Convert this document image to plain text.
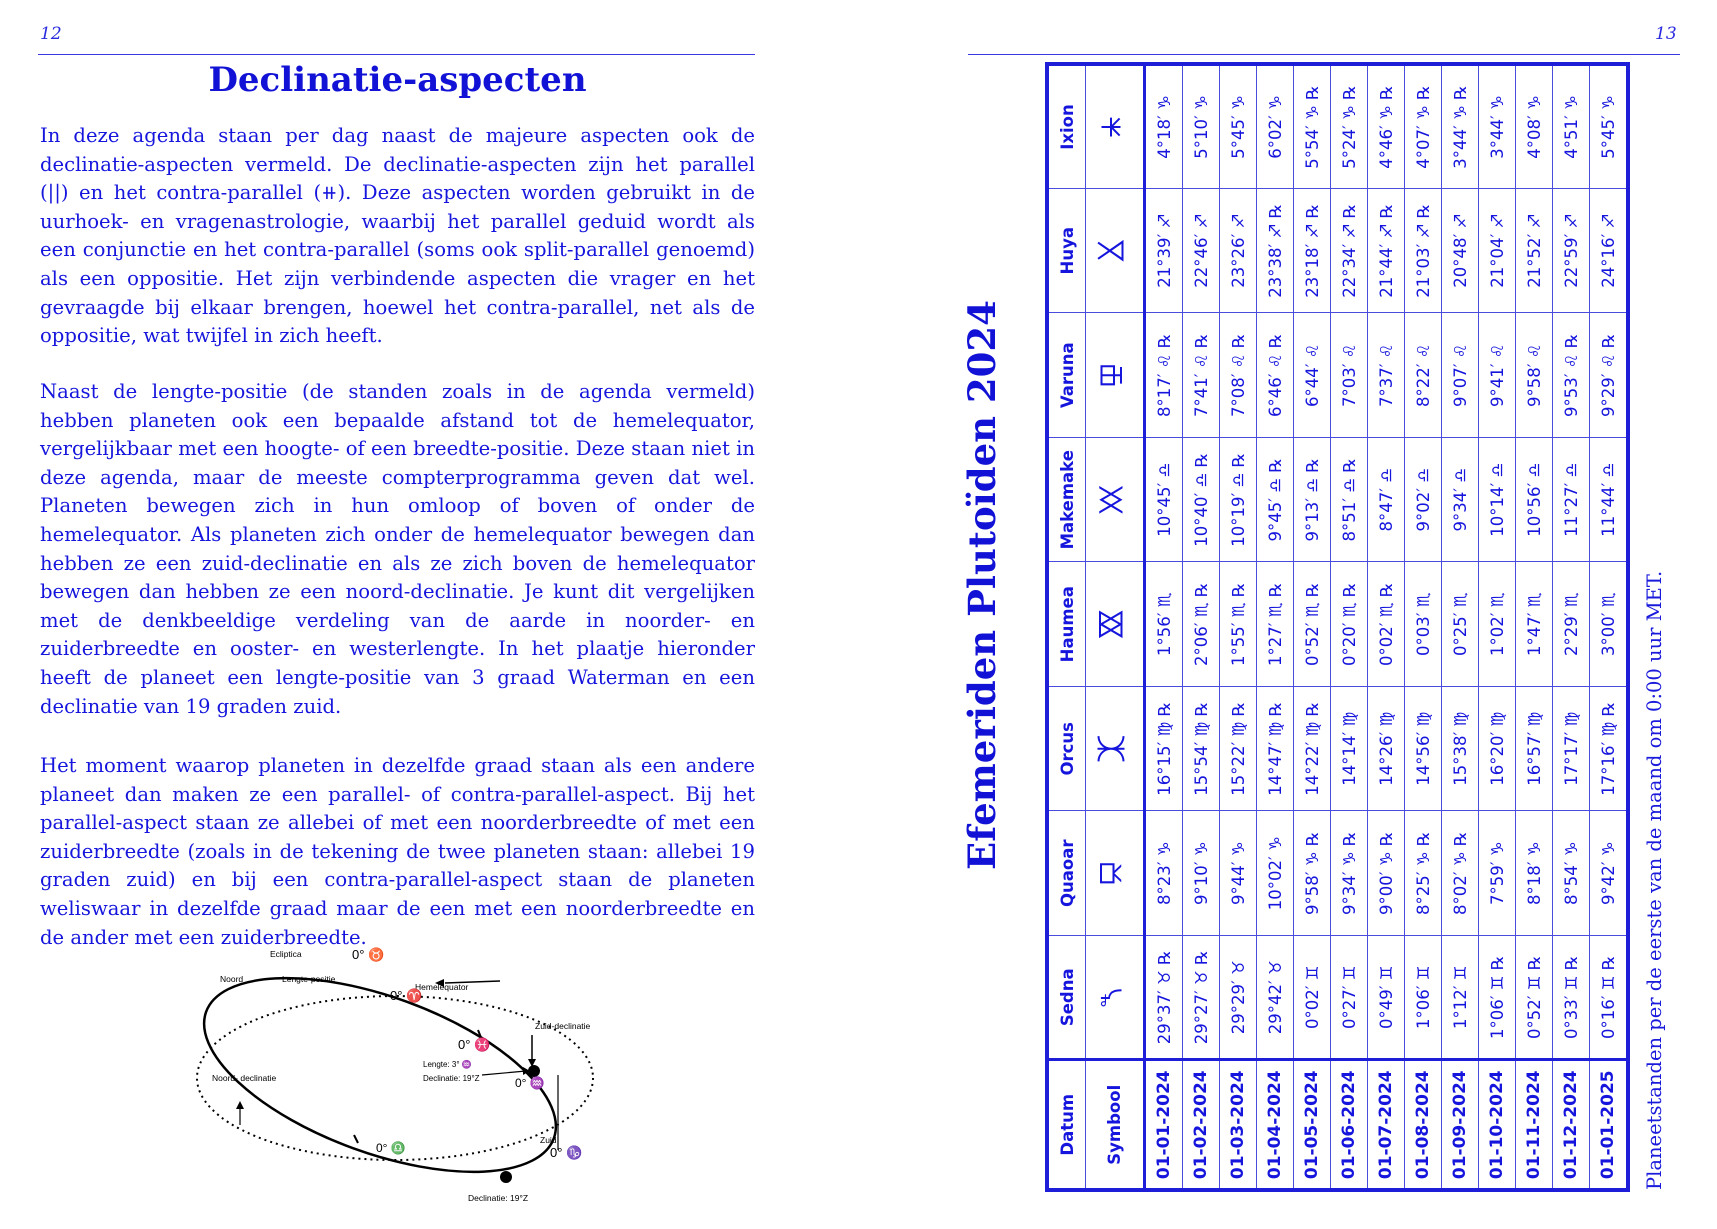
12
Declinatie-aspecten

In deze agenda staan per dag naast de majeure aspecten ook de declinatie-aspecten vermeld. De declinatie-aspecten zijn het parallel (||) en het contra-parallel (⧺). Deze aspecten worden gebruikt in de uurhoek- en vragenastrologie, waarbij het parallel geduid wordt als een conjunctie en het contra-parallel (soms ook split-parallel genoemd) als een oppositie. Het zijn verbindende aspecten die vrager en het gevraagde bij elkaar brengen, hoewel het contra-parallel, net als de oppositie, wat twijfel in zich heeft.

Naast de lengte-positie (de standen zoals in de agenda vermeld) hebben planeten ook een bepaalde afstand tot de hemelequator, vergelijkbaar met een hoogte- of een breedte-positie. Deze staan niet in deze agenda, maar de meeste compterprogramma geven dat wel. Planeten bewegen zich in hun omloop of boven of onder de hemelequator. Als planeten zich onder de hemelequator bewegen dan hebben ze een zuid-declinatie en als ze zich boven de hemelequator bewegen dan hebben ze een noord-declinatie. Je kunt dit vergelijken met de denkbeeldige verdeling van de aarde in noorder- en zuiderbreedte en ooster- en westerlengte. In het plaatje hieronder heeft de planeet een lengte-positie van 3 graad Waterman en een declinatie van 19 graden zuid.

Het moment waarop planeten in dezelfde graad staan als een andere planeet dan maken ze een parallel- of contra-parallel-aspect. Bij het parallel-aspect staan ze allebei of met een noorderbreedte of met een zuiderbreedte (zoals in de tekening de twee planeten staan: allebei 19 graden zuid) en bij een contra-parallel-aspect staan de planeten weliswaar in dezelfde graad maar de een met een noorderbreedte en de ander met een zuiderbreedte.

Ecliptica	0° ♉
Noord	Lengte-positie
Hemelequator
0° ♈
0° ♓
Zuid-declinatie
Lengte: 3° ♒
Declinatie: 19°Z	0° ♒
Noord- declinatie
0° ♎
Zuid
0° ♑
Declinatie: 19°Z
13
Efemeriden Plutoïden 2024
Datum	Sedna	Quaoar	Orcus	Haumea	Makemake	Varuna	Huya	Ixion
Symbool	⯲	⯳	⯰	⯴	⯵	⯶	⯷	⯸
01-01-2024	29°37′ ♉ ℞	8°23′ ♑	16°15′ ♍ ℞	1°56′ ♏	10°45′ ♎	8°17′ ♌ ℞	21°39′ ♐	4°18′ ♑
01-02-2024	29°27′ ♉ ℞	9°10′ ♑	15°54′ ♍ ℞	2°06′ ♏ ℞	10°40′ ♎ ℞	7°41′ ♌ ℞	22°46′ ♐	5°10′ ♑
01-03-2024	29°29′ ♉	9°44′ ♑	15°22′ ♍ ℞	1°55′ ♏ ℞	10°19′ ♎ ℞	7°08′ ♌ ℞	23°26′ ♐	5°45′ ♑
01-04-2024	29°42′ ♉	10°02′ ♑	14°47′ ♍ ℞	1°27′ ♏ ℞	9°45′ ♎ ℞	6°46′ ♌ ℞	23°38′ ♐ ℞	6°02′ ♑
01-05-2024	0°02′ ♊	9°58′ ♑ ℞	14°22′ ♍ ℞	0°52′ ♏ ℞	9°13′ ♎ ℞	6°44′ ♌	23°18′ ♐ ℞	5°54′ ♑ ℞
01-06-2024	0°27′ ♊	9°34′ ♑ ℞	14°14′ ♍	0°20′ ♏ ℞	8°51′ ♎ ℞	7°03′ ♌	22°34′ ♐ ℞	5°24′ ♑ ℞
01-07-2024	0°49′ ♊	9°00′ ♑ ℞	14°26′ ♍	0°02′ ♏ ℞	8°47′ ♎	7°37′ ♌	21°44′ ♐ ℞	4°46′ ♑ ℞
01-08-2024	1°06′ ♊	8°25′ ♑ ℞	14°56′ ♍	0°03′ ♏	9°02′ ♎	8°22′ ♌	21°03′ ♐ ℞	4°07′ ♑ ℞
01-09-2024	1°12′ ♊	8°02′ ♑ ℞	15°38′ ♍	0°25′ ♏	9°34′ ♎	9°07′ ♌	20°48′ ♐	3°44′ ♑ ℞
01-10-2024	1°06′ ♊ ℞	7°59′ ♑	16°20′ ♍	1°02′ ♏	10°14′ ♎	9°41′ ♌	21°04′ ♐	3°44′ ♑
01-11-2024	0°52′ ♊ ℞	8°18′ ♑	16°57′ ♍	1°47′ ♏	10°56′ ♎	9°58′ ♌	21°52′ ♐	4°08′ ♑
01-12-2024	0°33′ ♊ ℞	8°54′ ♑	17°17′ ♍	2°29′ ♏	11°27′ ♎	9°53′ ♌ ℞	22°59′ ♐	4°51′ ♑
01-01-2025	0°16′ ♊ ℞	9°42′ ♑	17°16′ ♍ ℞	3°00′ ♏	11°44′ ♎	9°29′ ♌ ℞	24°16′ ♐	5°45′ ♑
Planeetstanden per de eerste van de maand om 0:00 uur MET.
